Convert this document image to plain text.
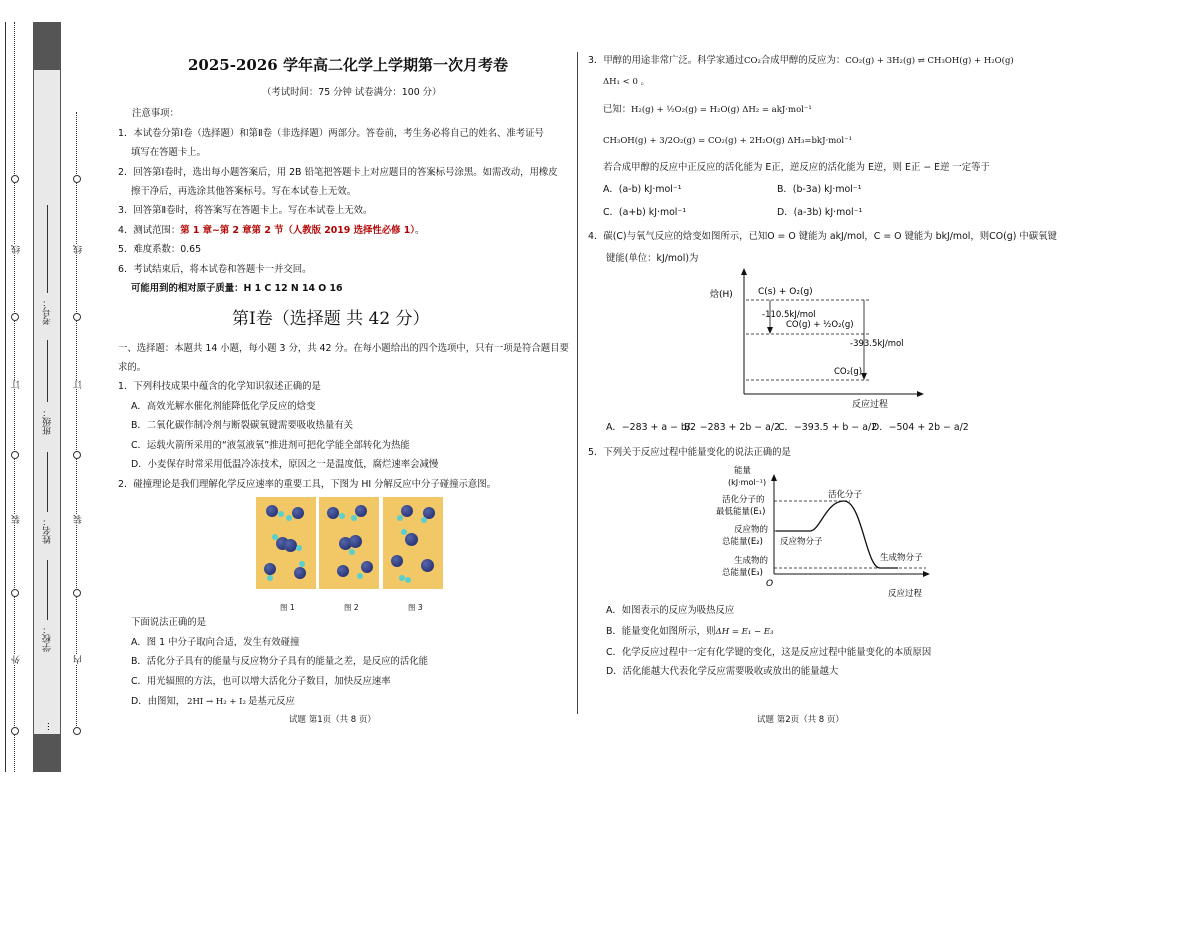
线
订
装
外
考号：
班级：
姓名：
学校：
…
线
订
装
内
2025-2026 学年高二化学上学期第一次月考卷
（考试时间：75 分钟 试卷满分：100 分）
注意事项：
1．本试卷分第Ⅰ卷（选择题）和第Ⅱ卷（非选择题）两部分。答卷前，考生务必将自己的姓名、准考证号
填写在答题卡上。
2．回答第Ⅰ卷时，选出每小题答案后，用 2B 铅笔把答题卡上对应题目的答案标号涂黑。如需改动，用橡皮
擦干净后，再选涂其他答案标号。写在本试卷上无效。
3．回答第Ⅱ卷时，将答案写在答题卡上。写在本试卷上无效。
4．测试范围：第 1 章~第 2 章第 2 节（人教版 2019 选择性必修 1）。
5．难度系数：0.65
6．考试结束后，将本试卷和答题卡一并交回。
可能用到的相对原子质量：H 1 C 12 N 14 O 16
第Ⅰ卷（选择题 共 42 分）
一、选择题：本题共 14 小题，每小题 3 分，共 42 分。在每小题给出的四个选项中，只有一项是符合题目要
求的。
1．下列科技成果中蕴含的化学知识叙述正确的是
A．高效光解水催化剂能降低化学反应的焓变
B．二氧化碳作制冷剂与断裂碳氧键需要吸收热量有关
C．运载火箭所采用的“液氢液氧”推进剂可把化学能全部转化为热能
D．小麦保存时常采用低温冷冻技术，原因之一是温度低，腐烂速率会减慢
2．碰撞理论是我们理解化学反应速率的重要工具，下图为 HI 分解反应中分子碰撞示意图。
图 1	图 2	图 3
下面说法正确的是
A．图 1 中分子取向合适，发生有效碰撞
B．活化分子具有的能量与反应物分子具有的能量之差，是反应的活化能
C．用光辐照的方法，也可以增大活化分子数目，加快反应速率
D．由图知， 2HI → H₂ + I₂ 是基元反应
试题 第1页（共 8 页）
3．甲醇的用途非常广泛。科学家通过CO₂合成甲醇的反应为：CO₂(g) + 3H₂(g) ⇌ CH₃OH(g) + H₂O(g)
ΔH₁ < 0 。
已知： H₂(g) + ½O₂(g) = H₂O(g) ΔH₂ = akJ·mol⁻¹
CH₃OH(g) + 3/2O₂(g) = CO₂(g) + 2H₂O(g) ΔH₃=bkJ·mol⁻¹
若合成甲醇的反应中正反应的活化能为 E正，逆反应的活化能为 E逆，则 E正 − E逆 一定等于
A．(a-b) kJ·mol⁻¹	B．(b-3a) kJ·mol⁻¹
C．(a+b) kJ·mol⁻¹	D．(a-3b) kJ·mol⁻¹
4．碳(C)与氧气反应的焓变如图所示，已知O = O 键能为 akJ/mol，C = O 键能为 bkJ/mol，则CO(g) 中碳氧键
键能(单位：kJ/mol)为
焓(H)	C(s) + O₂(g)
-110.5kJ/mol
CO(g) + ½O₂(g)
-393.5kJ/mol
CO₂(g)
反应过程
A．−283 + a − b/2
B．−283 + 2b − a/2
C．−393.5 + b − a/2
D．−504 + 2b − a/2
5．下列关于反应过程中能量变化的说法正确的是
能量
(kJ·mol⁻¹)
活化分子的
最低能量(E₁)
反应物的
总能量(E₂)
生成物的
总能量(E₃)
活化分子
反应物分子
生成物分子
O
反应过程
A．如图表示的反应为吸热反应
B．能量变化如图所示，则ΔH = E₁ − E₃
C．化学反应过程中一定有化学键的变化，这是反应过程中能量变化的本质原因
D．活化能越大代表化学反应需要吸收或放出的能量越大
试题 第2页（共 8 页）
